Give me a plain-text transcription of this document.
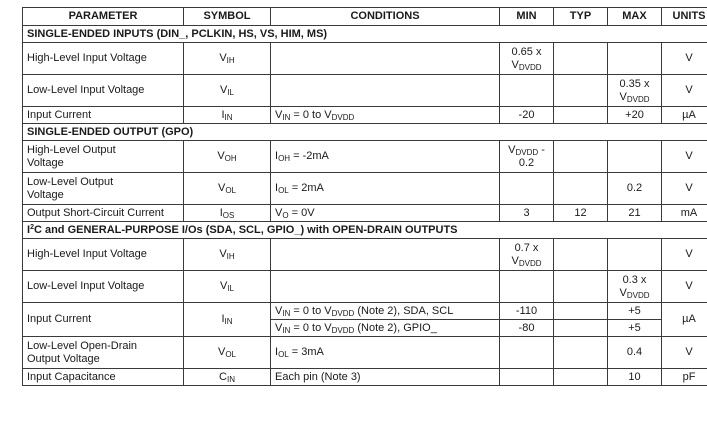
PARAMETER	SYMBOL	CONDITIONS	MIN	TYP	MAX	UNITS
SINGLE-ENDED INPUTS (DIN_, PCLKIN, HS, VS, HIM, MS)						
High-Level Input Voltage	$V_{IH}$		0.65 x
$V_{DVDD}$			V
Low-Level Input Voltage	$V_{IL}$				0.35 x
$V_{DVDD}$	V
Input Current	$I_{IN}$	$V_{IN} = 0$ to $V_{DVDD}$	-20		+20	µA
SINGLE-ENDED OUTPUT (GPO)						
High-Level Output
Voltage	$V_{OH}$	$I_{OH} = -2mA$	$V_{DVDD}$ -
0.2			V
Low-Level Output
Voltage	$V_{OL}$	$I_{OL} = 2mA$			0.2	V
Output Short-Circuit Current	$I_{OS}$	$V_O = 0V$	3	12	21	mA
$I^2C$ and GENERAL-PURPOSE I/Os (SDA, SCL, GPIO_) with OPEN-DRAIN OUTPUTS						
High-Level Input Voltage	$V_{IH}$		0.7 x
$V_{DVDD}$			V
Low-Level Input Voltage	$V_{IL}$				0.3 x
$V_{DVDD}$	V
Input Current	$I_{IN}$	$V_{IN} = 0$ to $V_{DVDD}$ (Note 2), SDA, SCL	-110		+5	µA
		$V_{IN} = 0$ to $V_{DVDD}$ (Note 2), GPIO_	-80		+5	
Low-Level Open-Drain
Output Voltage	$V_{OL}$	$I_{OL} = 3mA$			0.4	V
Input Capacitance	$C_{IN}$	Each pin (Note 3)			10	pF
